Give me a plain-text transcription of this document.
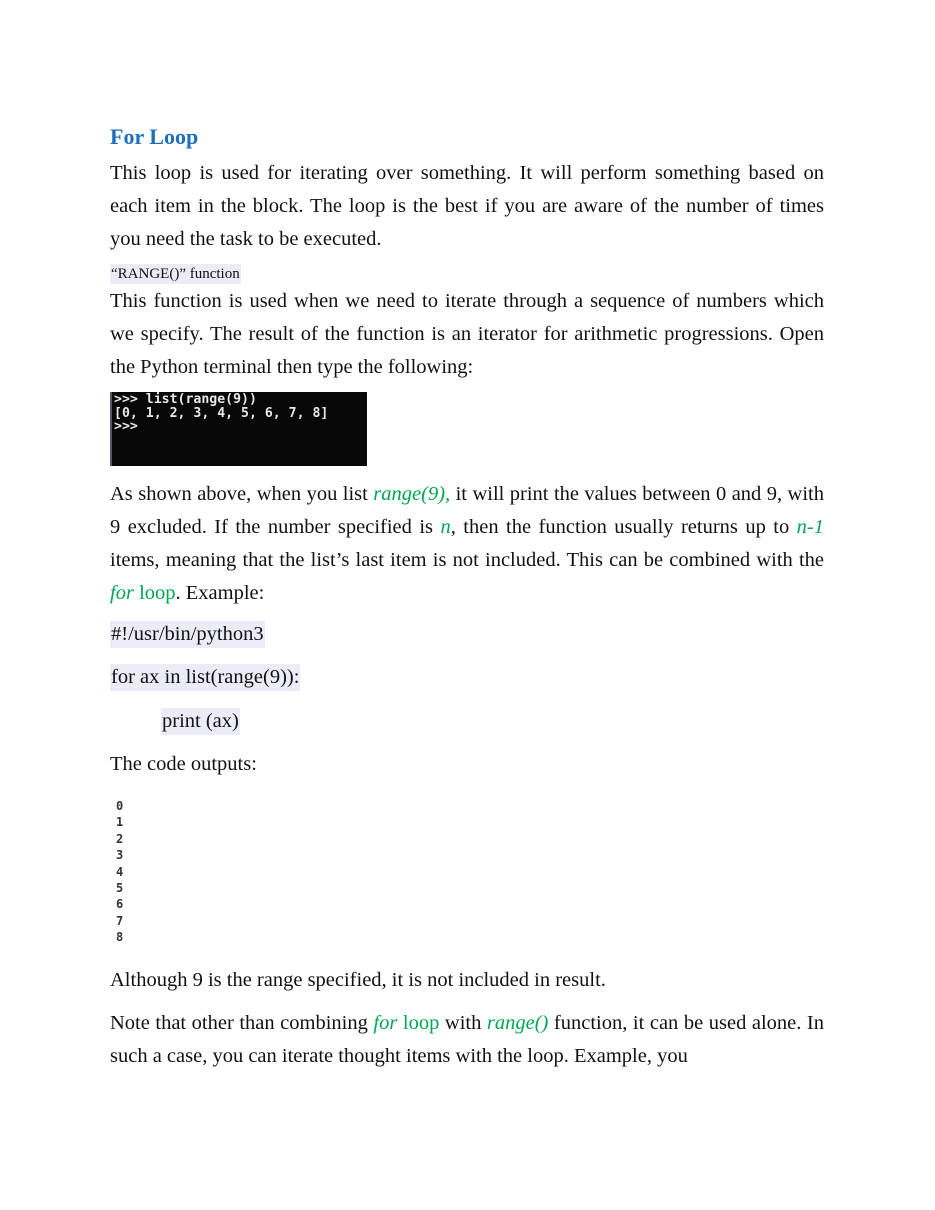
For Loop

This loop is used for iterating over something. It will perform something based on each item in the block. The loop is the best if you are aware of the number of times you need the task to be executed.

“RANGE()” function

This function is used when we need to iterate through a sequence of numbers which we specify. The result of the function is an iterator for arithmetic progressions. Open the Python terminal then type the following:

>>> list(range(9))
[0, 1, 2, 3, 4, 5, 6, 7, 8]
>>>

As shown above, when you list range(9), it will print the values between 0 and 9, with 9 excluded. If the number specified is n, then the function usually returns up to n-1 items, meaning that the list’s last item is not included. This can be combined with the for loop. Example:

#!/usr/bin/python3
for ax in list(range(9)):
print (ax)

The code outputs:

0
1
2
3
4
5
6
7
8

Although 9 is the range specified, it is not included in result.

Note that other than combining for loop with range() function, it can be used alone. In such a case, you can iterate thought items with the loop. Example, you
